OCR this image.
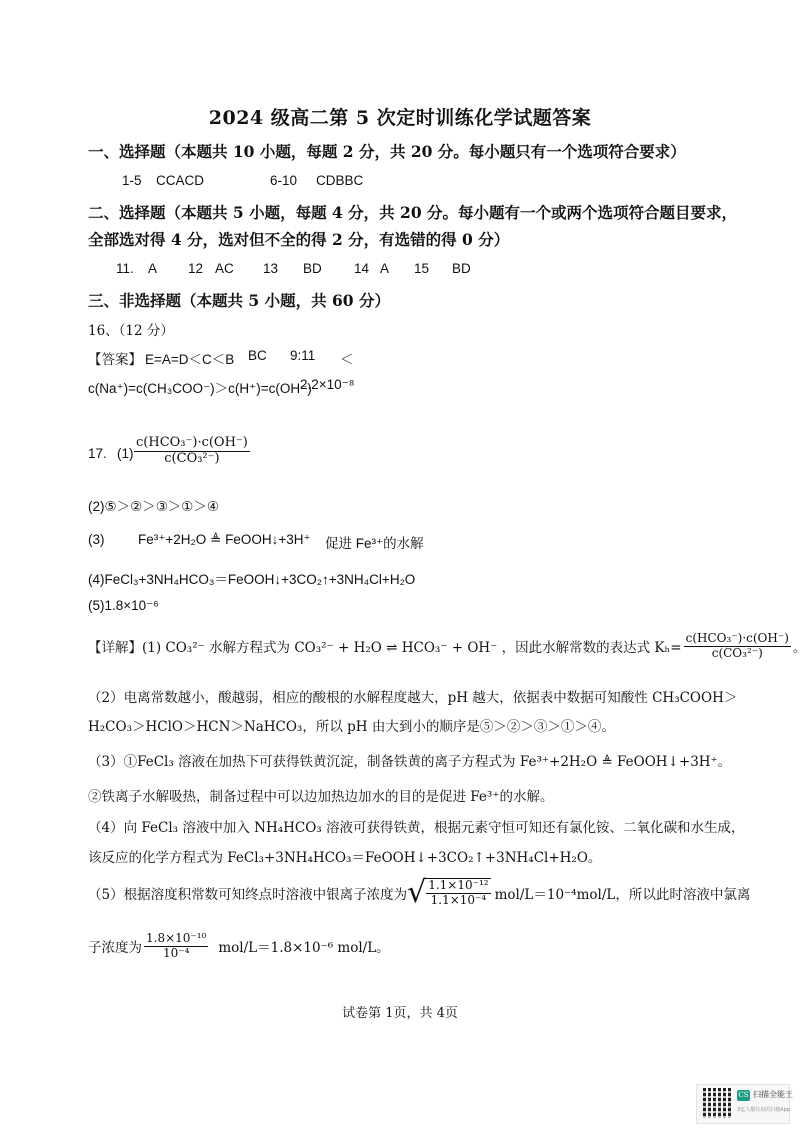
2024 级高二第 5 次定时训练化学试题答案
一、选择题（本题共 10 小题，每题 2 分，共 20 分。每小题只有一个选项符合要求）
1-5 CCACD	6-10 CDBBC
二、选择题（本题共 5 小题，每题 4 分，共 20 分。每小题有一个或两个选项符合题目要求，
全部选对得 4 分，选对但不全的得 2 分，有选错的得 0 分）
11. A 12 AC 13 BD 14 A 15 BD
三、非选择题（本题共 5 小题，共 60 分）
16、（12 分）
【答案】 E=A=D＜C＜B BC 9:11 ＜
c(Na⁺)=c(CH₃COO⁻)＞c(H⁺)=c(OH⁻)
2.2×10⁻⁸
17. $(1) \frac{\text{c(HCO₃⁻)·c(OH⁻)}}{\text{c(CO₃²⁻)}}$
(2)⑤＞②＞③＞①＞④
(3) Fe³⁺+2H₂O ≜ FeOOH↓+3H⁺ 促进 Fe³⁺的水解
(4)FeCl₃+3NH₄HCO₃＝FeOOH↓+3CO₂↑+3NH₄Cl+H₂O
(5)1.8×10⁻⁶
【详解】(1) CO₃²⁻ 水解方程式为 CO₃²⁻ + H₂O ⇌ HCO₃⁻ + OH⁻ ，因此水解常数的表达式 $K_h= \frac{\text{c(HCO₃⁻)·c(OH⁻)}}{\text{c(CO₃²⁻)}}$ 。
（2）电离常数越小，酸越弱，相应的酸根的水解程度越大，pH 越大，依据表中数据可知酸性 CH₃COOH＞
H₂CO₃＞HClO＞HCN＞NaHCO₃，所以 pH 由大到小的顺序是⑤＞②＞③＞①＞④。
（3）①FeCl₃ 溶液在加热下可获得铁黄沉淀，制备铁黄的离子方程式为 Fe³⁺+2H₂O ≜ FeOOH↓+3H⁺。
②铁离子水解吸热，制备过程中可以边加热边加水的目的是促进 Fe³⁺的水解。
（4）向 FeCl₃ 溶液中加入 NH₄HCO₃ 溶液可获得铁黄，根据元素守恒可知还有氯化铵、二氧化碳和水生成，
该反应的化学方程式为 FeCl₃+3NH₄HCO₃＝FeOOH↓+3CO₂↑+3NH₄Cl+H₂O。
（5）根据溶度积常数可知终点时溶液中银离子浓度为 √ $\frac{\text{1.1×10⁻¹²}}{\text{1.1×10⁻⁴}} mol/L=10^{-4}mol/L$，所以此时溶液中氯离
子浓度为 $\frac{\text{1.8×10⁻¹⁰}}{\text{10⁻⁴}} mol/L=1.8\times 10^{-6}$ mol/L。
试卷第 1页，共 4页
CS 扫描全能王
3亿人都在用的扫描App
